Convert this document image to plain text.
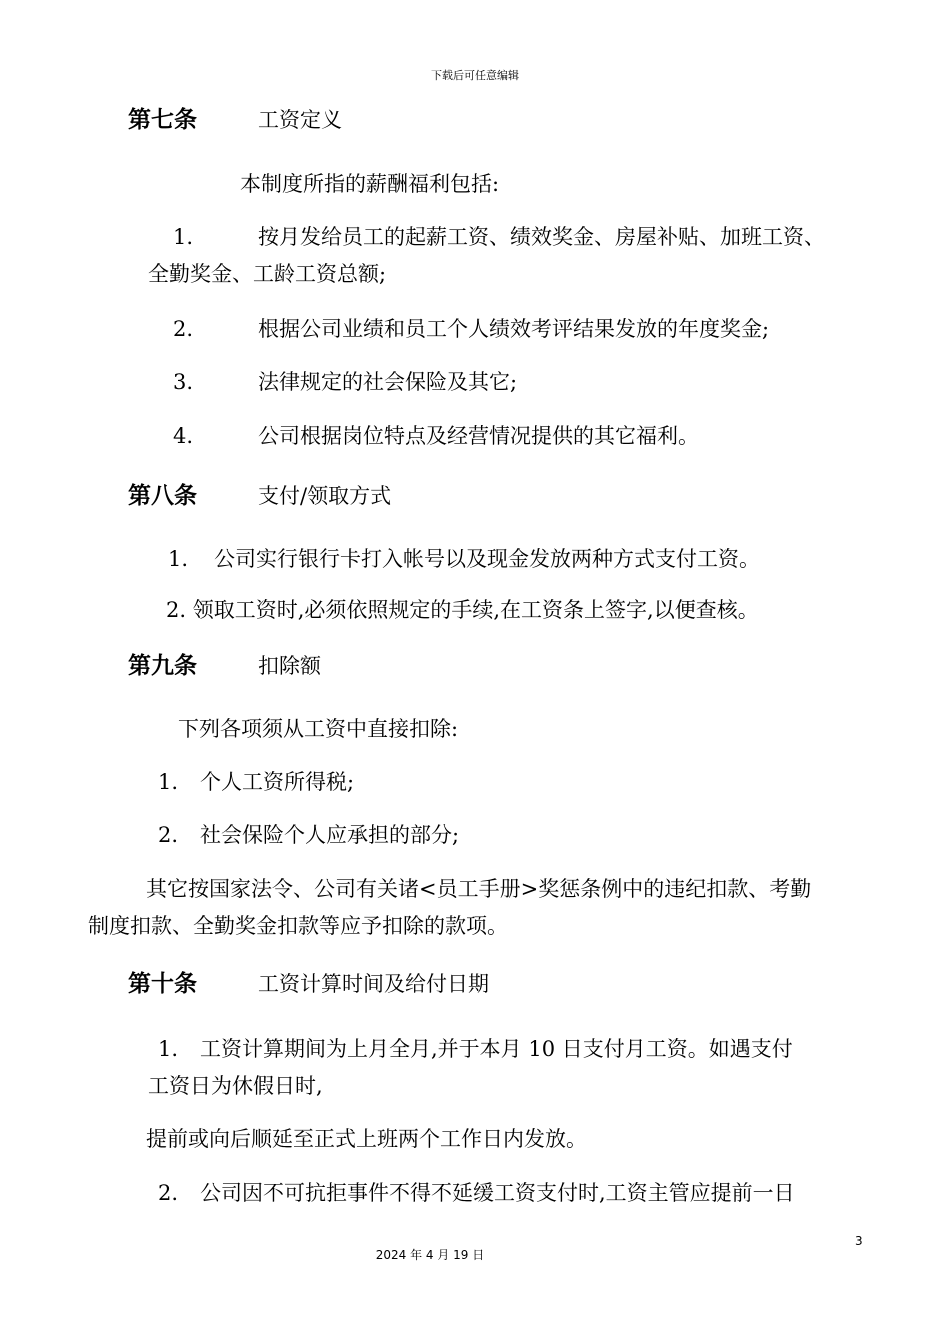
下载后可任意编辑
第七条	工资定义
本制度所指的薪酬福利包括:
1.	按月发给员工的起薪工资、绩效奖金、房屋补贴、加班工资、
全勤奖金、工龄工资总额;
2.	根据公司业绩和员工个人绩效考评结果发放的年度奖金;
3.	法律规定的社会保险及其它;
4.	公司根据岗位特点及经营情况提供的其它福利。
第八条	支付/领取方式
1. 公司实行银行卡打入帐号以及现金发放两种方式支付工资。
2. 领取工资时,必须依照规定的手续,在工资条上签字,以便查核。
第九条	扣除额
下列各项须从工资中直接扣除:
1. 个人工资所得税;
2. 社会保险个人应承担的部分;
其它按国家法令、公司有关诸<员工手册>奖惩条例中的违纪扣款、考勤
制度扣款、全勤奖金扣款等应予扣除的款项。
第十条	工资计算时间及给付日期
1. 工资计算期间为上月全月,并于本月 10 日支付月工资。如遇支付
工资日为休假日时,
提前或向后顺延至正式上班两个工作日内发放。
2. 公司因不可抗拒事件不得不延缓工资支付时,工资主管应提前一日
3
2024 年 4 月 19 日
